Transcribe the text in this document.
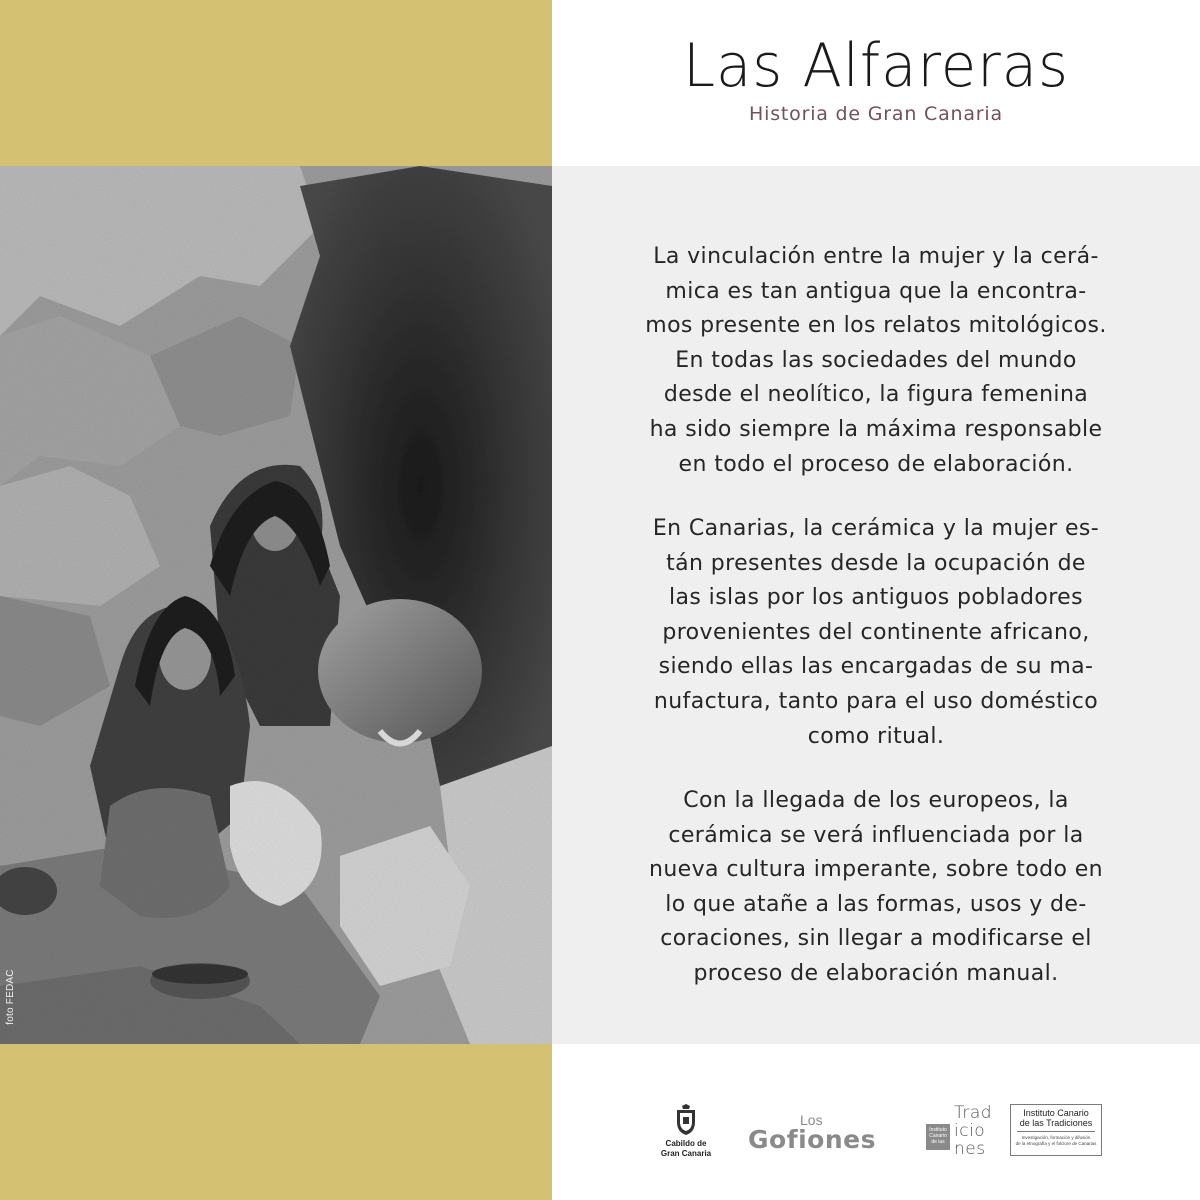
Las Alfareras
Historia de Gran Canaria
foto FEDAC

La vinculación entre la mujer y la cerá-
mica es tan antigua que la encontra-
mos presente en los relatos mitológicos.
En todas las sociedades del mundo
desde el neolítico, la figura femenina
ha sido siempre la máxima responsable
en todo el proceso de elaboración.

En Canarias, la cerámica y la mujer es-
tán presentes desde la ocupación de
las islas por los antiguos pobladores
provenientes del continente africano,
siendo ellas las encargadas de su ma-
nufactura, tanto para el uso doméstico
como ritual.

Con la llegada de los europeos, la
cerámica se verá influenciada por la
nueva cultura imperante, sobre todo en
lo que atañe a las formas, usos y de-
coraciones, sin llegar a modificarse el
proceso de elaboración manual.

Cabildo de
Gran Canaria
Los
Gofiones	Instituto
Canario
de las
Trad
icio
nes
Instituto Canario
de las Tradiciones
Investigación, formación y difusión
de la etnografía y el folclore de Canarias
